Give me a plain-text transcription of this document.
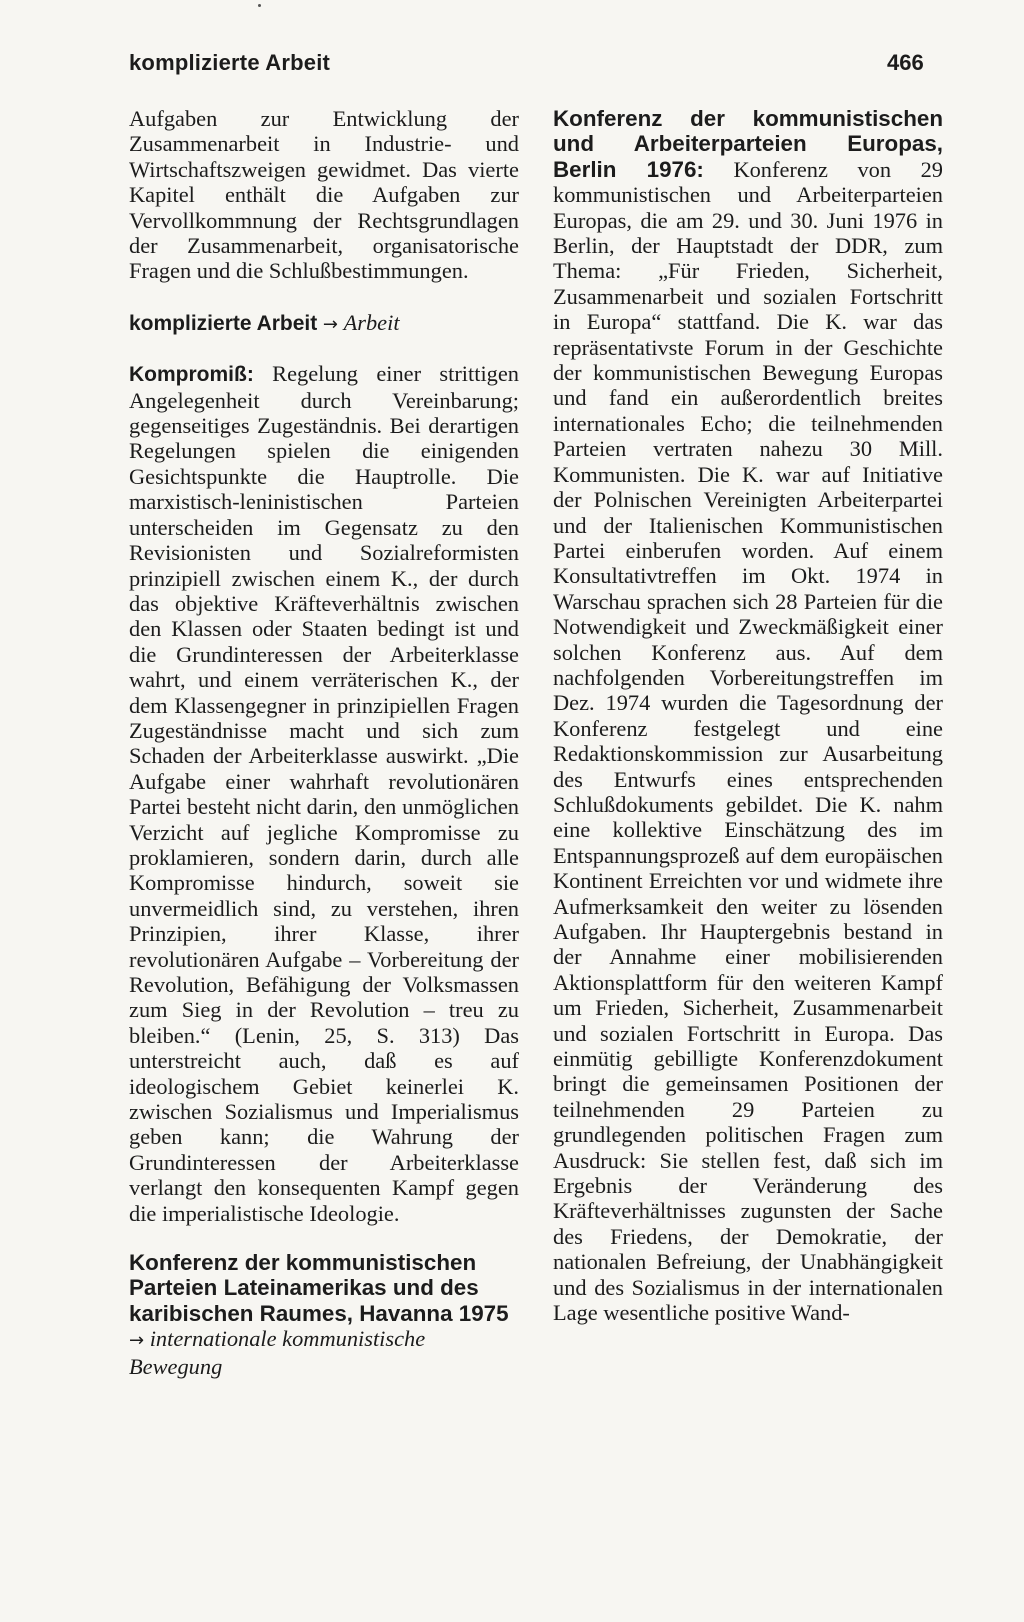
komplizierte Arbeit	466

Aufgaben zur Entwicklung der Zusammenarbeit in Industrie- und Wirtschaftszweigen gewidmet. Das vierte Kapitel enthält die Aufgaben zur Vervollkommnung der Rechtsgrundlagen der Zusammenarbeit, organisatorische Fragen und die Schlußbestimmungen.

komplizierte Arbeit → Arbeit

Kompromiß: Regelung einer strittigen Angelegenheit durch Vereinbarung; gegenseitiges Zugeständnis. Bei derartigen Regelungen spielen die einigenden Gesichtspunkte die Hauptrolle. Die marxistisch-leninistischen Parteien unterscheiden im Gegensatz zu den Revisionisten und Sozialreformisten prinzipiell zwischen einem K., der durch das objektive Kräfteverhältnis zwischen den Klassen oder Staaten bedingt ist und die Grundinteressen der Arbeiterklasse wahrt, und einem verräterischen K., der dem Klassengegner in prinzipiellen Fragen Zugeständnisse macht und sich zum Schaden der Arbeiterklasse auswirkt. „Die Aufgabe einer wahrhaft revolutionären Partei besteht nicht darin, den unmöglichen Verzicht auf jegliche Kompromisse zu proklamieren, sondern darin, durch alle Kompromisse hindurch, soweit sie unvermeidlich sind, zu verstehen, ihren Prinzipien, ihrer Klasse, ihrer revolutionären Aufgabe – Vorbereitung der Revolution, Befähigung der Volksmassen zum Sieg in der Revolution – treu zu bleiben.“ (Lenin, 25, S. 313) Das unterstreicht auch, daß es auf ideologischem Gebiet keinerlei K. zwischen Sozialismus und Imperialismus geben kann; die Wahrung der Grundinteressen der Arbeiterklasse verlangt den konsequenten Kampf gegen die imperialistische Ideologie.

Konferenz der kommunistischen Parteien Lateinamerikas und des karibischen Raumes, Havanna 1975 → internationale kommunistische Bewegung

Konferenz der kommunistischen und Arbeiterparteien Europas, Berlin 1976: Konferenz von 29 kommunistischen und Arbeiterparteien Europas, die am 29. und 30. Juni 1976 in Berlin, der Hauptstadt der DDR, zum Thema: „Für Frieden, Sicherheit, Zusammenarbeit und sozialen Fortschritt in Europa“ stattfand. Die K. war das repräsentativste Forum in der Geschichte der kommunistischen Bewegung Europas und fand ein außerordentlich breites internationales Echo; die teilnehmenden Parteien vertraten nahezu 30 Mill. Kommunisten. Die K. war auf Initiative der Polnischen Vereinigten Arbeiterpartei und der Italienischen Kommunistischen Partei einberufen worden. Auf einem Konsultativtreffen im Okt. 1974 in Warschau sprachen sich 28 Parteien für die Notwendigkeit und Zweckmäßigkeit einer solchen Konferenz aus. Auf dem nachfolgenden Vorbereitungstreffen im Dez. 1974 wurden die Tagesordnung der Konferenz festgelegt und eine Redaktionskommission zur Ausarbeitung des Entwurfs eines entsprechenden Schlußdokuments gebildet. Die K. nahm eine kollektive Einschätzung des im Entspannungsprozeß auf dem europäischen Kontinent Erreichten vor und widmete ihre Aufmerksamkeit den weiter zu lösenden Aufgaben. Ihr Hauptergebnis bestand in der Annahme einer mobilisierenden Aktionsplattform für den weiteren Kampf um Frieden, Sicherheit, Zusammenarbeit und sozialen Fortschritt in Europa. Das einmütig gebilligte Konferenzdokument bringt die gemeinsamen Positionen der teilnehmenden 29 Parteien zu grundlegenden politischen Fragen zum Ausdruck: Sie stellen fest, daß sich im Ergebnis der Veränderung des Kräfteverhältnisses zugunsten der Sache des Friedens, der Demokratie, der nationalen Befreiung, der Unabhängigkeit und des Sozialismus in der internationalen Lage wesentliche positive Wand-
